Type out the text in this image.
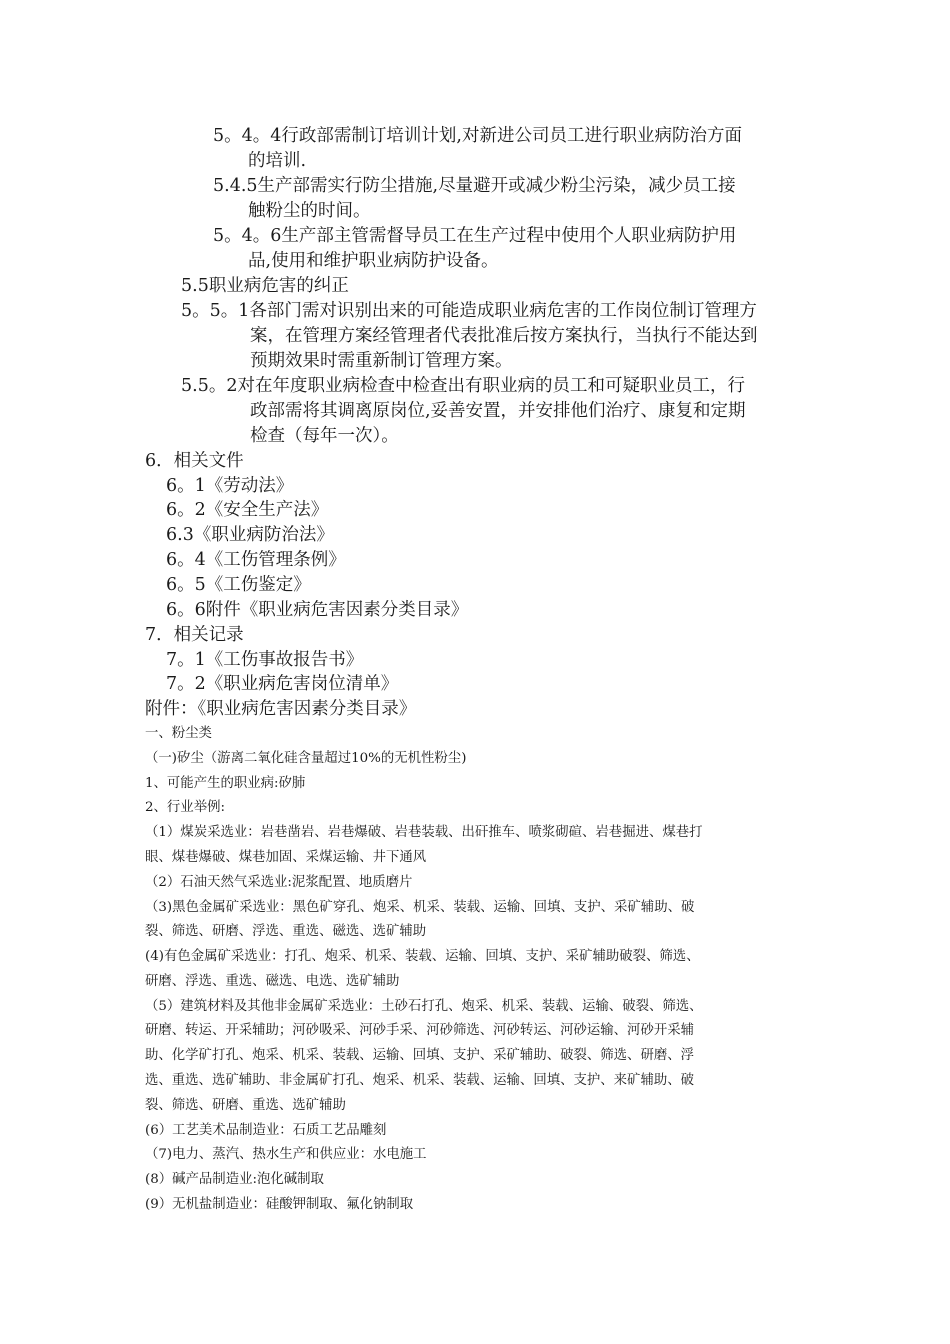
5。4。4行政部需制订培训计划,对新进公司员工进行职业病防治方面
的培训.
5.4.5生产部需实行防尘措施,尽量避开或减少粉尘污染，减少员工接
触粉尘的时间。
5。4。6生产部主管需督导员工在生产过程中使用个人职业病防护用
品,使用和维护职业病防护设备。
5.5职业病危害的纠正
5。5。1各部门需对识别出来的可能造成职业病危害的工作岗位制订管理方
案，在管理方案经管理者代表批准后按方案执行，当执行不能达到
预期效果时需重新制订管理方案。
5.5。2对在年度职业病检查中检查出有职业病的员工和可疑职业员工，行
政部需将其调离原岗位,妥善安置，并安排他们治疗、康复和定期
检查（每年一次）。
6．相关文件
6。1《劳动法》
6。2《安全生产法》
6.3《职业病防治法》
6。4《工伤管理条例》
6。5《工伤鉴定》
6。6附件《职业病危害因素分类目录》
7．相关记录
7。1《工伤事故报告书》
7。2《职业病危害岗位清单》
附件：《职业病危害因素分类目录》
一、粉尘类
（一)矽尘（游离二氧化硅含量超过10%的无机性粉尘)
1、可能产生的职业病:矽肺
2、行业举例:
（1）煤炭采选业：岩巷凿岩、岩巷爆破、岩巷装载、出矸推车、喷浆砌碹、岩巷掘进、煤巷打
眼、煤巷爆破、煤巷加固、采煤运输、井下通风
（2）石油天然气采选业:泥浆配置、地质磨片
（3)黑色金属矿采选业：黑色矿穿孔、炮采、机采、装载、运输、回填、支护、采矿辅助、破
裂、筛选、研磨、浮选、重选、磁选、选矿辅助
(4)有色金属矿采选业：打孔、炮采、机采、装载、运输、回填、支护、采矿辅助破裂、筛选、
研磨、浮选、重选、磁选、电选、选矿辅助
（5）建筑材料及其他非金属矿采选业：土砂石打孔、炮采、机采、装载、运输、破裂、筛选、
研磨、转运、开采辅助；河砂吸采、河砂手采、河砂筛选、河砂转运、河砂运输、河砂开采辅
助、化学矿打孔、炮采、机采、装载、运输、回填、支护、采矿辅助、破裂、筛选、研磨、浮
选、重选、选矿辅助、非金属矿打孔、炮采、机采、装载、运输、回填、支护、来矿辅助、破
裂、筛选、研磨、重选、选矿辅助
(6）工艺美术品制造业：石质工艺品雕刻
（7)电力、蒸汽、热水生产和供应业：水电施工
(8）碱产品制造业:泡化碱制取
(9）无机盐制造业：硅酸钾制取、氟化钠制取
